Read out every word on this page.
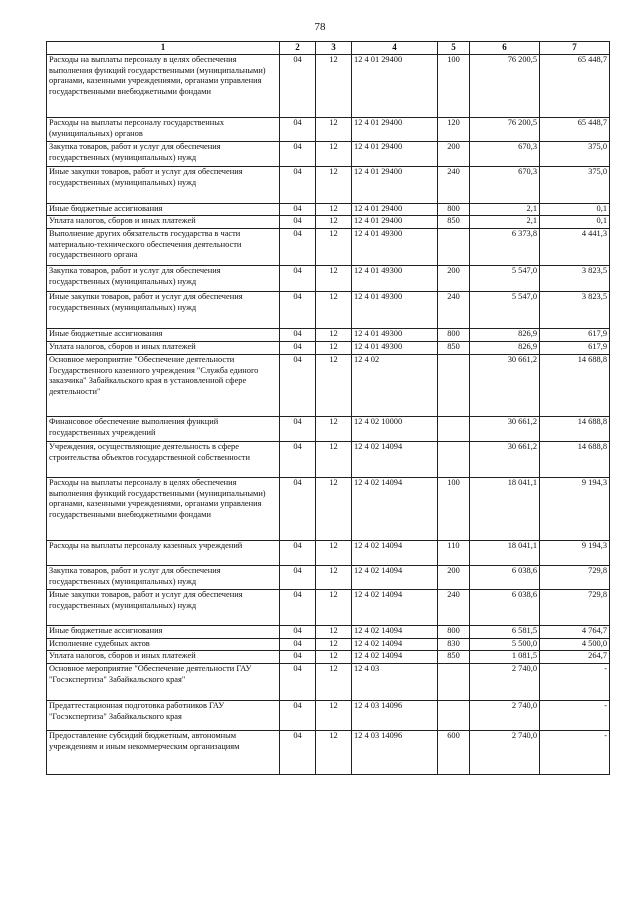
78
1	2	3	4	5	6	7
Расходы на выплаты персоналу в целях обеспечения выполнения функций государственными (муниципальными) органами, казенными учреждениями, органами управления государственными внебюджетными фондами	04	12	12 4 01 29400	100	76 200,5	65 448,7
Расходы на выплаты персоналу государственных (муниципальных) органов	04	12	12 4 01 29400	120	76 200,5	65 448,7
Закупка товаров, работ и услуг для обеспечения государственных (муниципальных) нужд	04	12	12 4 01 29400	200	670,3	375,0
Иные закупки товаров, работ и услуг для обеспечения государственных (муниципальных) нужд	04	12	12 4 01 29400	240	670,3	375,0
Иные бюджетные ассигнования	04	12	12 4 01 29400	800	2,1	0,1
Уплата налогов, сборов и иных платежей	04	12	12 4 01 29400	850	2,1	0,1
Выполнение других обязательств государства в части материально-технического обеспечения деятельности государственного органа	04	12	12 4 01 49300		6 373,8	4 441,3
Закупка товаров, работ и услуг для обеспечения государственных (муниципальных) нужд	04	12	12 4 01 49300	200	5 547,0	3 823,5
Иные закупки товаров, работ и услуг для обеспечения государственных (муниципальных) нужд	04	12	12 4 01 49300	240	5 547,0	3 823,5
Иные бюджетные ассигнования	04	12	12 4 01 49300	800	826,9	617,9
Уплата налогов, сборов и иных платежей	04	12	12 4 01 49300	850	826,9	617,9
Основное мероприятие "Обеспечение деятельности Государственного казенного учреждения "Служба единого заказчика" Забайкальского края в установленной сфере деятельности"	04	12	12 4 02		30 661,2	14 688,8
Финансовое обеспечение выполнения функций государственных учреждений	04	12	12 4 02 10000		30 661,2	14 688,8
Учреждения, осуществляющие деятельность в сфере строительства объектов государственной собственности	04	12	12 4 02 14094		30 661,2	14 688,8
Расходы на выплаты персоналу в целях обеспечения выполнения функций государственными (муниципальными) органами, казенными учреждениями, органами управления государственными внебюджетными фондами	04	12	12 4 02 14094	100	18 041,1	9 194,3
Расходы на выплаты персоналу казенных учреждений	04	12	12 4 02 14094	110	18 041,1	9 194,3
Закупка товаров, работ и услуг для обеспечения государственных (муниципальных) нужд	04	12	12 4 02 14094	200	6 038,6	729,8
Иные закупки товаров, работ и услуг для обеспечения государственных (муниципальных) нужд	04	12	12 4 02 14094	240	6 038,6	729,8
Иные бюджетные ассигнования	04	12	12 4 02 14094	800	6 581,5	4 764,7
Исполнение судебных актов	04	12	12 4 02 14094	830	5 500,0	4 500,0
Уплата налогов, сборов и иных платежей	04	12	12 4 02 14094	850	1 081,5	264,7
Основное мероприятие "Обеспечение деятельности ГАУ "Госэкспертиза" Забайкальского края"	04	12	12 4 03		2 740,0	-
Предаттестационная подготовка работников ГАУ "Госэкспертиза" Забайкальского края	04	12	12 4 03 14096		2 740,0	-
Предоставление субсидий бюджетным, автономным учреждениям и иным некоммерческим организациям	04	12	12 4 03 14096	600	2 740,0	-
